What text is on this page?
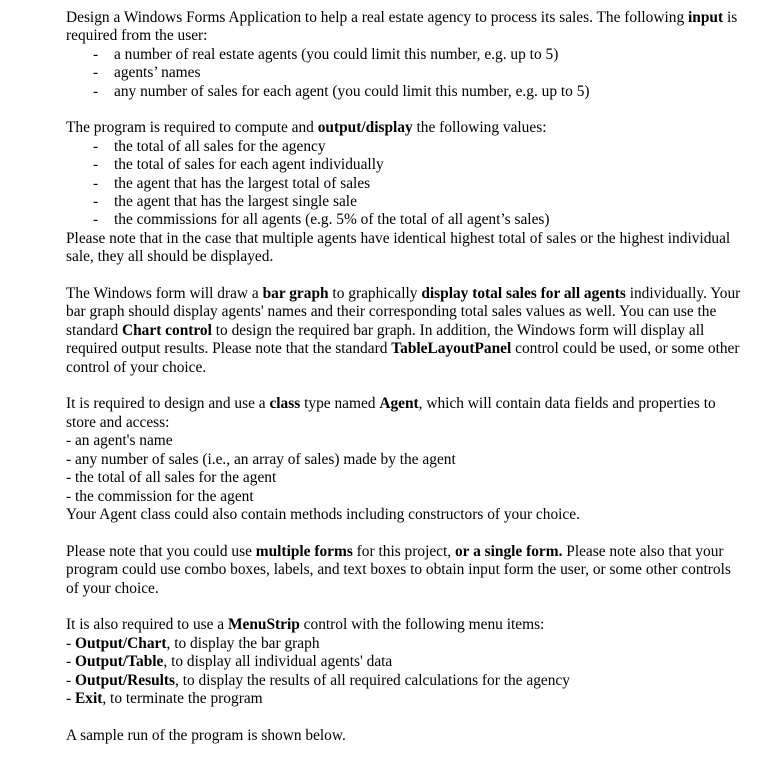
Design a Windows Forms Application to help a real estate agency to process its sales. The following input is required from the user:

- a number of real estate agents (you could limit this number, e.g. up to 5)
- agents’ names
- any number of sales for each agent (you could limit this number, e.g. up to 5)

The program is required to compute and output/display the following values:

- the total of all sales for the agency
- the total of sales for each agent individually
- the agent that has the largest total of sales
- the agent that has the largest single sale
- the commissions for all agents (e.g. 5% of the total of all agent’s sales)

Please note that in the case that multiple agents have identical highest total of sales or the highest individual sale, they all should be displayed.

The Windows form will draw a bar graph to graphically display total sales for all agents individually. Your bar graph should display agents' names and their corresponding total sales values as well. You can use the standard Chart control to design the required bar graph. In addition, the Windows form will display all required output results. Please note that the standard TableLayoutPanel control could be used, or some other control of your choice.

It is required to design and use a class type named Agent, which will contain data fields and properties to store and access:

- an agent's name
- any number of sales (i.e., an array of sales) made by the agent
- the total of all sales for the agent
- the commission for the agent

Your Agent class could also contain methods including constructors of your choice.

Please note that you could use multiple forms for this project, or a single form. Please note also that your program could use combo boxes, labels, and text boxes to obtain input form the user, or some other controls of your choice.

It is also required to use a MenuStrip control with the following menu items:

- Output/Chart, to display the bar graph
- Output/Table, to display all individual agents' data
- Output/Results, to display the results of all required calculations for the agency
- Exit, to terminate the program

A sample run of the program is shown below.
